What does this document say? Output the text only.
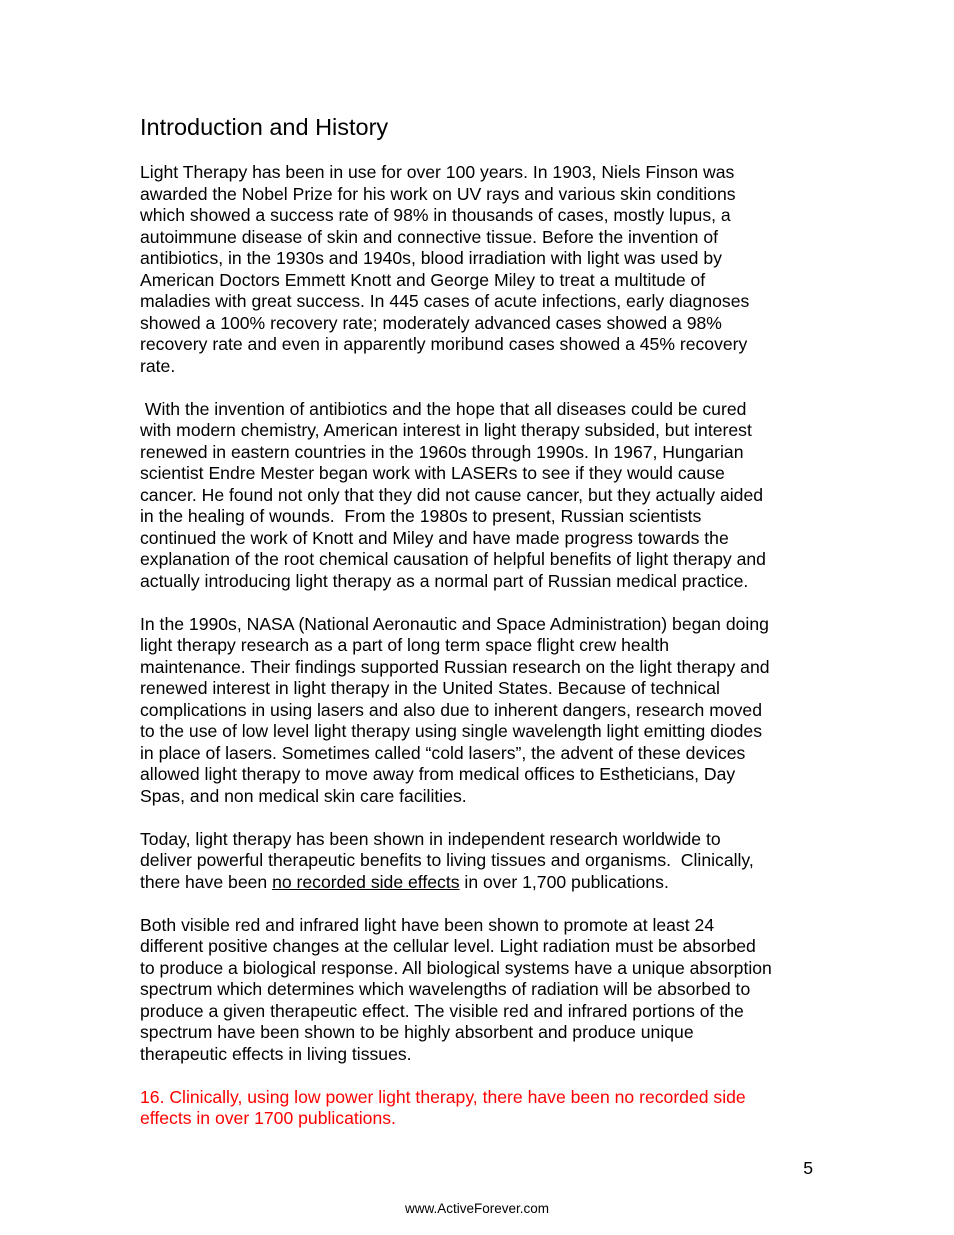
Introduction and History

Light Therapy has been in use for over 100 years. In 1903, Niels Finson was
awarded the Nobel Prize for his work on UV rays and various skin conditions
which showed a success rate of 98% in thousands of cases, mostly lupus, a
autoimmune disease of skin and connective tissue. Before the invention of
antibiotics, in the 1930s and 1940s, blood irradiation with light was used by
American Doctors Emmett Knott and George Miley to treat a multitude of
maladies with great success. In 445 cases of acute infections, early diagnoses
showed a 100% recovery rate; moderately advanced cases showed a 98%
recovery rate and even in apparently moribund cases showed a 45% recovery
rate.

With the invention of antibiotics and the hope that all diseases could be cured
with modern chemistry, American interest in light therapy subsided, but interest
renewed in eastern countries in the 1960s through 1990s. In 1967, Hungarian
scientist Endre Mester began work with LASERs to see if they would cause
cancer. He found not only that they did not cause cancer, but they actually aided
in the healing of wounds.  From the 1980s to present, Russian scientists
continued the work of Knott and Miley and have made progress towards the
explanation of the root chemical causation of helpful benefits of light therapy and
actually introducing light therapy as a normal part of Russian medical practice.

In the 1990s, NASA (National Aeronautic and Space Administration) began doing
light therapy research as a part of long term space flight crew health
maintenance. Their findings supported Russian research on the light therapy and
renewed interest in light therapy in the United States. Because of technical
complications in using lasers and also due to inherent dangers, research moved
to the use of low level light therapy using single wavelength light emitting diodes
in place of lasers. Sometimes called “cold lasers”, the advent of these devices
allowed light therapy to move away from medical offices to Estheticians, Day
Spas, and non medical skin care facilities.

Today, light therapy has been shown in independent research worldwide to
deliver powerful therapeutic benefits to living tissues and organisms.  Clinically,
there have been no recorded side effects in over 1,700 publications.

Both visible red and infrared light have been shown to promote at least 24
different positive changes at the cellular level. Light radiation must be absorbed
to produce a biological response. All biological systems have a unique absorption
spectrum which determines which wavelengths of radiation will be absorbed to
produce a given therapeutic effect. The visible red and infrared portions of the
spectrum have been shown to be highly absorbent and produce unique
therapeutic effects in living tissues.

16. Clinically, using low power light therapy, there have been no recorded side
effects in over 1700 publications.

5
www.ActiveForever.com
